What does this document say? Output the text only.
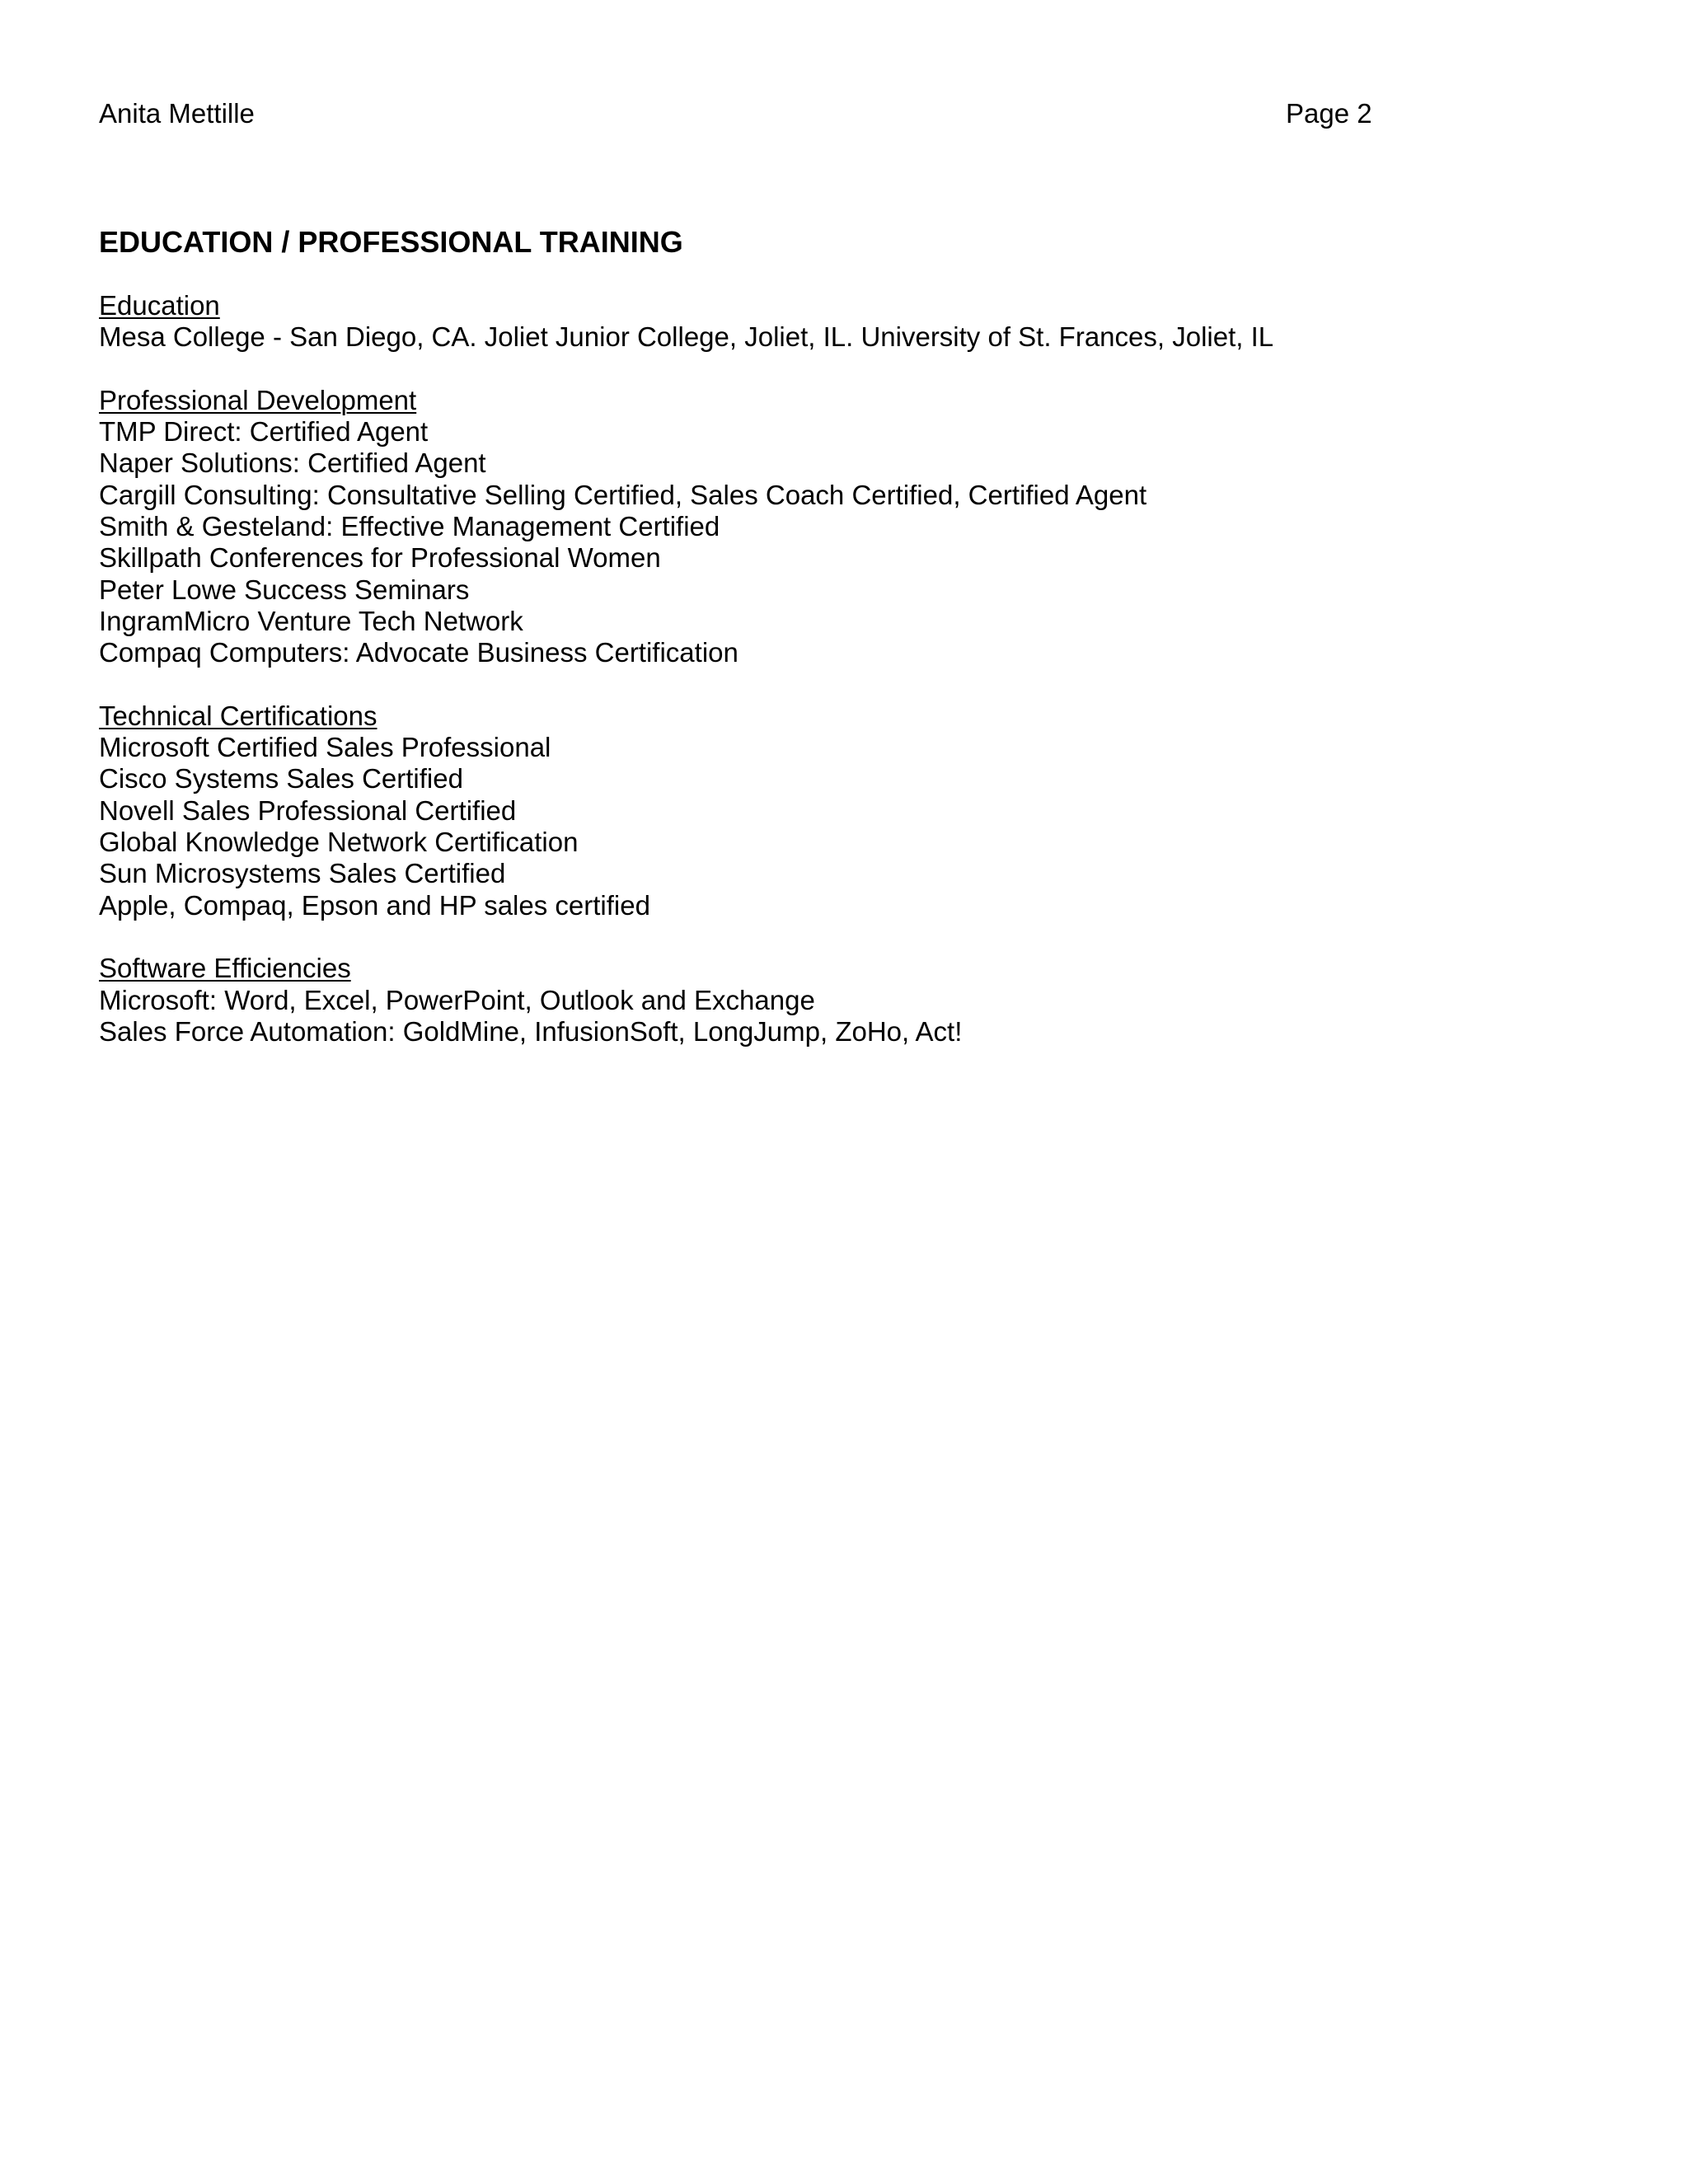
Anita Mettille	Page 2
EDUCATION / PROFESSIONAL TRAINING
Education
Mesa College - San Diego, CA. Joliet Junior College, Joliet, IL. University of St. Frances, Joliet, IL
Professional Development
TMP Direct: Certified Agent
Naper Solutions: Certified Agent
Cargill Consulting: Consultative Selling Certified, Sales Coach Certified, Certified Agent
Smith & Gesteland: Effective Management Certified
Skillpath Conferences for Professional Women
Peter Lowe Success Seminars
IngramMicro Venture Tech Network
Compaq Computers: Advocate Business Certification
Technical Certifications
Microsoft Certified Sales Professional
Cisco Systems Sales Certified
Novell Sales Professional Certified
Global Knowledge Network Certification
Sun Microsystems Sales Certified
Apple, Compaq, Epson and HP sales certified
Software Efficiencies
Microsoft: Word, Excel, PowerPoint, Outlook and Exchange
Sales Force Automation: GoldMine, InfusionSoft, LongJump, ZoHo, Act!
